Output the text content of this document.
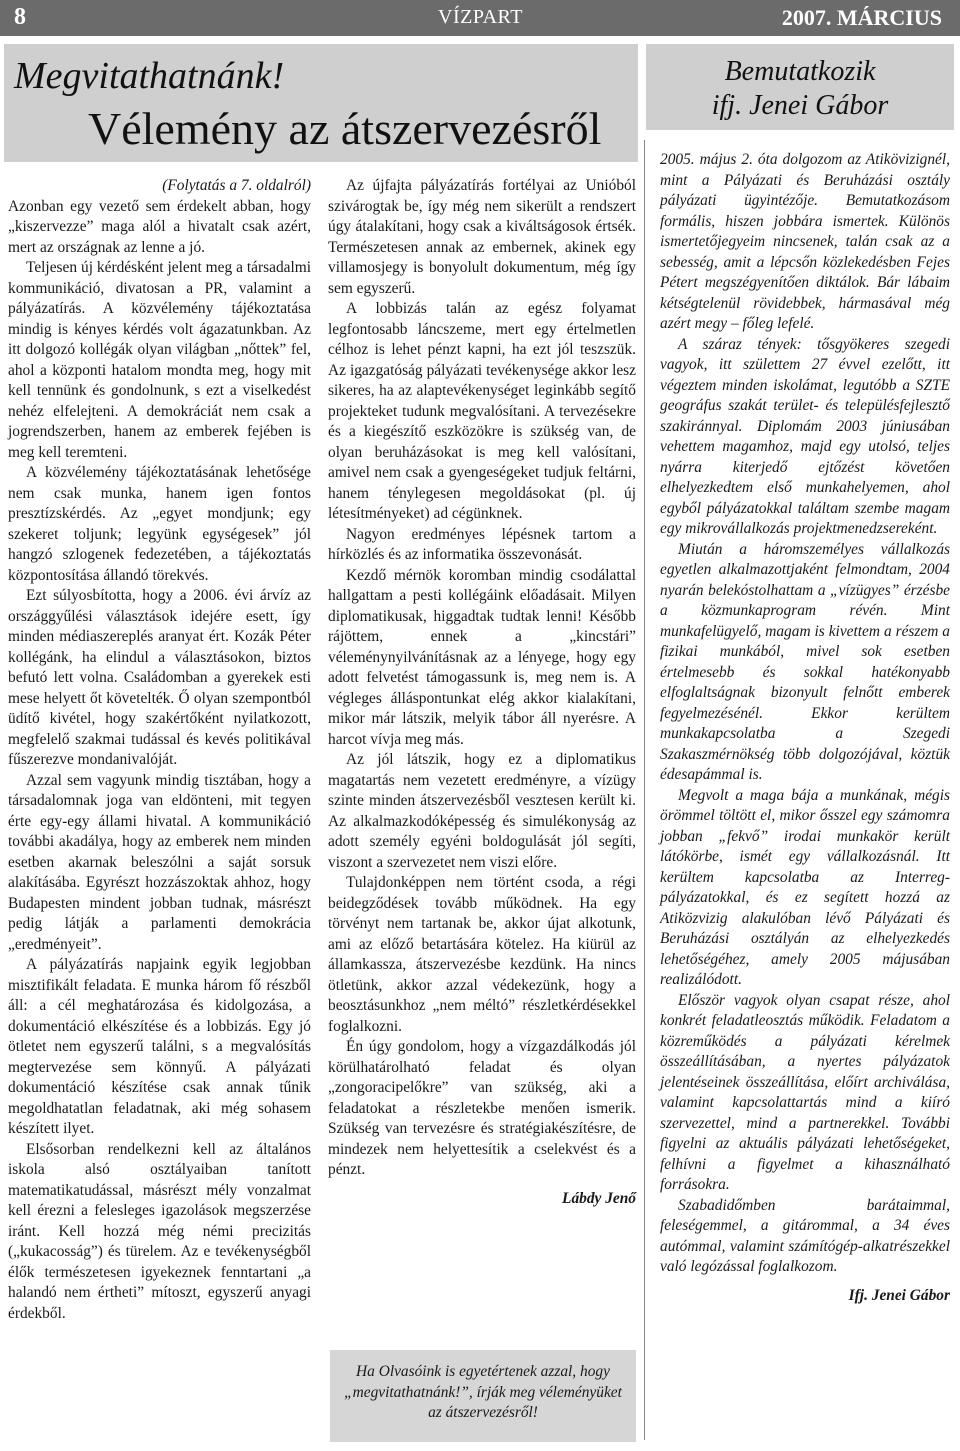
8	VÍZPART	2007. MÁRCIUS
Megvitathatnánk!
Vélemény az átszervezésről
Bemutatkozik
ifj. Jenei Gábor
(Folytatás a 7. oldalról)

Azonban egy vezető sem érdekelt abban, hogy „kiszervezze” maga alól a hivatalt csak azért, mert az országnak az lenne a jó.

Teljesen új kérdésként jelent meg a társadalmi kommunikáció, divatosan a PR, valamint a pályázatírás. A közvélemény tájékoztatása mindig is kényes kérdés volt ágazatunkban. Az itt dolgozó kollégák olyan világban „nőttek” fel, ahol a központi hatalom mondta meg, hogy mit kell tennünk és gondolnunk, s ezt a viselkedést nehéz elfelejteni. A demokráciát nem csak a jogrendszerben, hanem az emberek fejében is meg kell teremteni.

A közvélemény tájékoztatásának lehetősége nem csak munka, hanem igen fontos presztízskérdés. Az „egyet mondjunk; egy szekeret toljunk; legyünk egységesek” jól hangzó szlogenek fedezetében, a tájékoztatás központosítása állandó törekvés.

Ezt súlyosbította, hogy a 2006. évi árvíz az országgyűlési választások idejére esett, így minden médiaszereplés aranyat ért. Kozák Péter kollégánk, ha elindul a választásokon, biztos befutó lett volna. Családomban a gyerekek esti mese helyett őt követelték. Ő olyan szempontból üdítő kivétel, hogy szakértőként nyilatkozott, megfelelő szakmai tudással és kevés politikával fűszerezve mondanivalóját.

Azzal sem vagyunk mindig tisztában, hogy a társadalomnak joga van eldönteni, mit tegyen érte egy-egy állami hivatal. A kommunikáció további akadálya, hogy az emberek nem minden esetben akarnak beleszólni a saját sorsuk alakításába. Egyrészt hozzászoktak ahhoz, hogy Budapesten mindent jobban tudnak, másrészt pedig látják a parlamenti demokrácia „eredményeit”.

A pályázatírás napjaink egyik legjobban misztifikált feladata. E munka három fő részből áll: a cél meghatározása és kidolgozása, a dokumentáció elkészítése és a lobbizás. Egy jó ötletet nem egyszerű találni, s a megvalósítás megtervezése sem könnyű. A pályázati dokumentáció készítése csak annak tűnik megoldhatatlan feladatnak, aki még sohasem készített ilyet.

Elsősorban rendelkezni kell az általános iskola alsó osztályaiban tanított matematikatudással, másrészt mély vonzalmat kell érezni a felesleges igazolások megszerzése iránt. Kell hozzá még némi precizitás („kukacosság”) és türelem. Az e tevékenységből élők természetesen igyekeznek fenntartani „a halandó nem értheti” mítoszt, egyszerű anyagi érdekből.

Az újfajta pályázatírás fortélyai az Unióból szivárogtak be, így még nem sikerült a rendszert úgy átalakítani, hogy csak a kiváltságosok értsék. Természetesen annak az embernek, akinek egy villamosjegy is bonyolult dokumentum, még így sem egyszerű.

A lobbizás talán az egész folyamat legfontosabb láncszeme, mert egy értelmetlen célhoz is lehet pénzt kapni, ha ezt jól teszszük. Az igazgatóság pályázati tevékenysége akkor lesz sikeres, ha az alaptevékenységet leginkább segítő projekteket tudunk megvalósítani. A tervezésekre és a kiegészítő eszközökre is szükség van, de olyan beruházásokat is meg kell valósítani, amivel nem csak a gyengeségeket tudjuk feltárni, hanem ténylegesen megoldásokat (pl. új létesítményeket) ad cégünknek.

Nagyon eredményes lépésnek tartom a hírközlés és az informatika összevonását.

Kezdő mérnök koromban mindig csodálattal hallgattam a pesti kollégáink előadásait. Milyen diplomatikusak, higgadtak tudtak lenni! Később rájöttem, ennek a „kincstári” véleménynyilvánításnak az a lényege, hogy egy adott felvetést támogassunk is, meg nem is. A végleges álláspontunkat elég akkor kialakítani, mikor már látszik, melyik tábor áll nyerésre. A harcot vívja meg más.

Az jól látszik, hogy ez a diplomatikus magatartás nem vezetett eredményre, a vízügy szinte minden átszervezésből vesztesen került ki. Az alkalmazkodóképesség és simulékonyság az adott személy egyéni boldogulását jól segíti, viszont a szervezetet nem viszi előre.

Tulajdonképpen nem történt csoda, a régi beidegződések tovább működnek. Ha egy törvényt nem tartanak be, akkor újat alkotunk, ami az előző betartására kötelez. Ha kiürül az államkassza, átszervezésbe kezdünk. Ha nincs ötletünk, akkor azzal védekezünk, hogy a beosztásunkhoz „nem méltó” részletkérdésekkel foglalkozni.

Én úgy gondolom, hogy a vízgazdálkodás jól körülhatárolható feladat és olyan „zongoracipelőkre” van szükség, aki a feladatokat a részletekbe menően ismerik. Szükség van tervezésre és stratégiakészítésre, de mindezek nem helyettesítik a cselekvést és a pénzt.

Lábdy Jenő
Ha Olvasóink is egyetértenek azzal, hogy „megvitathatnánk!”, írják meg véleményüket az átszervezésről!

2005. május 2. óta dolgozom az Atikövizignél, mint a Pályázati és Beruházási osztály pályázati ügyintézője. Bemutatkozásom formális, hiszen jobbára ismertek. Különös ismertetőjegyeim nincsenek, talán csak az a sebesség, amit a lépcsőn közlekedésben Fejes Pétert megszégyenítően diktálok. Bár lábaim kétségtelenül rövidebbek, hármasával még azért megy – főleg lefelé.

A száraz tények: tősgyökeres szegedi vagyok, itt születtem 27 évvel ezelőtt, itt végeztem minden iskolámat, legutóbb a SZTE geográfus szakát terület- és településfejlesztő szakiránnyal. Diplomám 2003 júniusában vehettem magamhoz, majd egy utolsó, teljes nyárra kiterjedő ejtőzést követően elhelyezkedtem első munkahelyemen, ahol egyből pályázatokkal találtam szembe magam egy mikrovállalkozás projektmenedzsereként.

Miután a háromszemélyes vállalkozás egyetlen alkalmazottjaként felmondtam, 2004 nyarán belekóstolhattam a „vízügyes” érzésbe a közmunkaprogram révén. Mint munkafelügyelő, magam is kivettem a részem a fizikai munkából, mivel sok esetben értelmesebb és sokkal hatékonyabb elfoglaltságnak bizonyult felnőtt emberek fegyelmezésénél. Ekkor kerültem munkakapcsolatba a Szegedi Szakaszmérnökség több dolgozójával, köztük édesapámmal is.

Megvolt a maga bája a munkának, mégis örömmel töltött el, mikor ősszel egy számomra jobban „fekvő” irodai munkakör került látókörbe, ismét egy vállalkozásnál. Itt kerültem kapcsolatba az Interreg-pályázatokkal, és ez segített hozzá az Atiközvizig alakulóban lévő Pályázati és Beruházási osztályán az elhelyezkedés lehetőségéhez, amely 2005 májusában realizálódott.

Először vagyok olyan csapat része, ahol konkrét feladatleosztás működik. Feladatom a közreműködés a pályázati kérelmek összeállításában, a nyertes pályázatok jelentéseinek összeállítása, előírt archiválása, valamint kapcsolattartás mind a kiíró szervezettel, mind a partnerekkel. További figyelni az aktuális pályázati lehetőségeket, felhívni a figyelmet a kihasználható forrásokra.

Szabadidőmben barátaimmal, feleségemmel, a gitárommal, a 34 éves autómmal, valamint számítógép-alkatrészekkel való legózással foglalkozom.

Ifj. Jenei Gábor
